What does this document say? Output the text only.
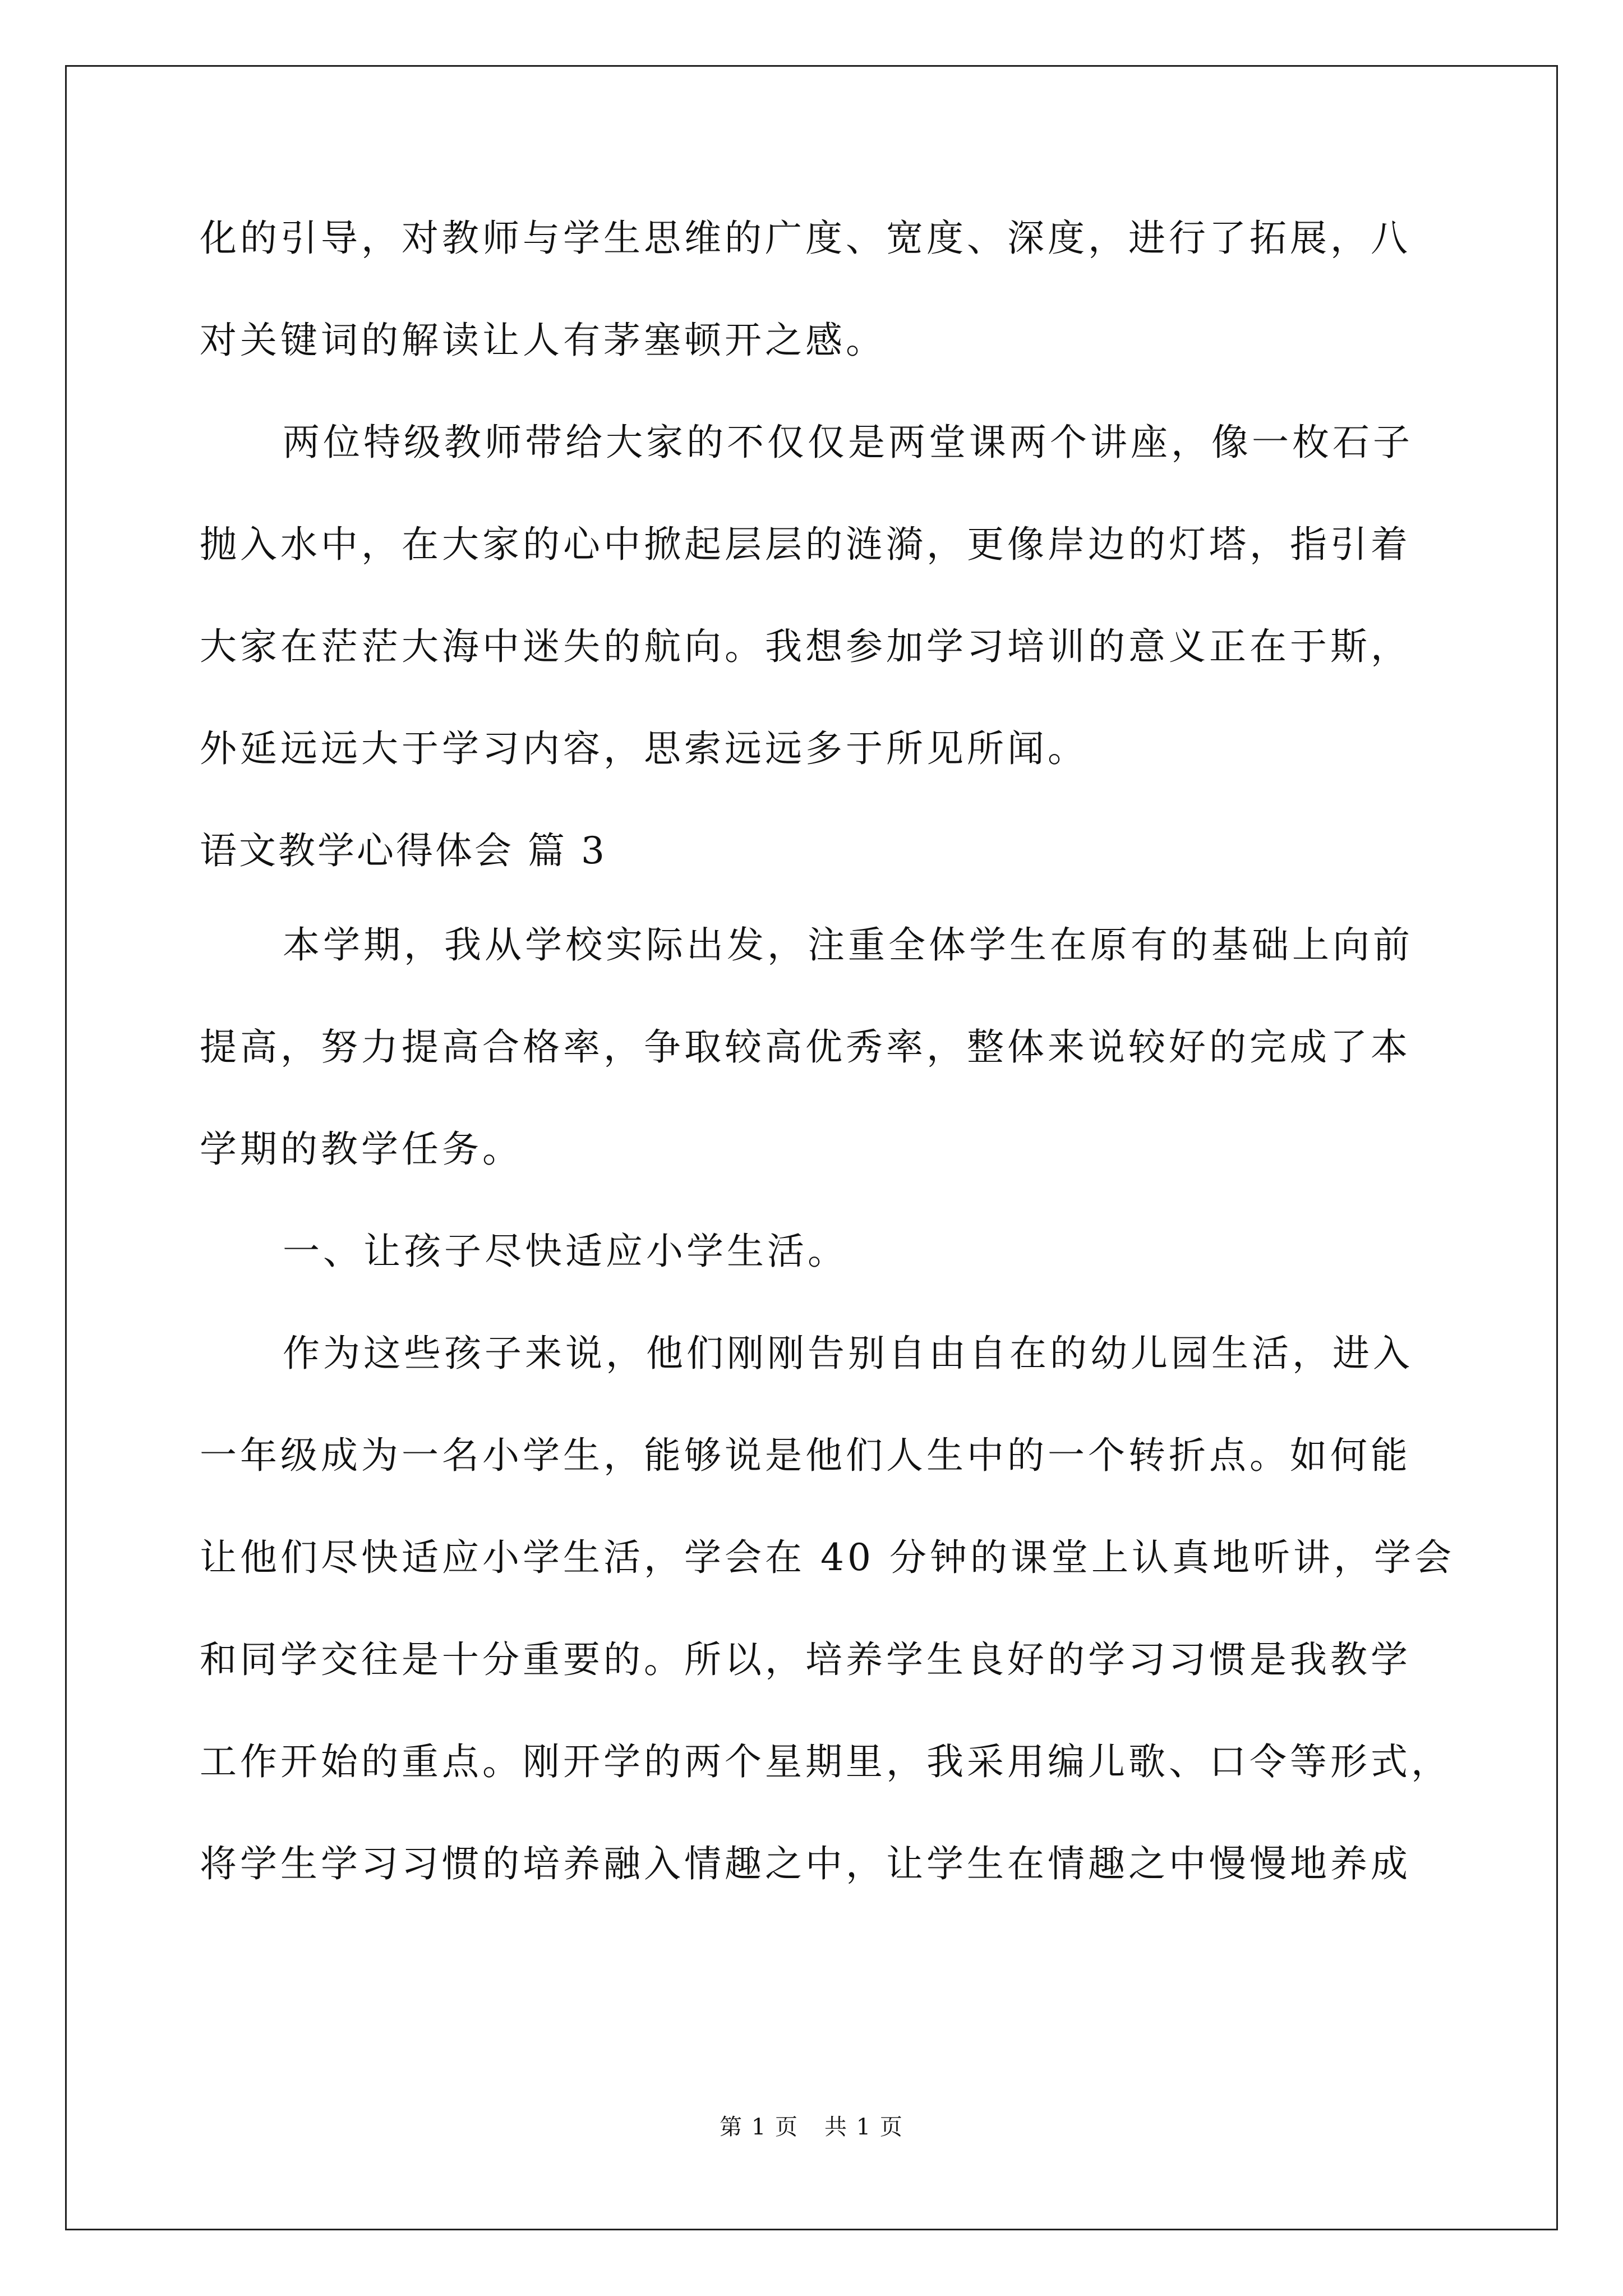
化的引导，对教师与学生思维的广度、宽度、深度，进行了拓展，八
对关键词的解读让人有茅塞顿开之感。
两位特级教师带给大家的不仅仅是两堂课两个讲座，像一枚石子
抛入水中，在大家的心中掀起层层的涟漪，更像岸边的灯塔，指引着
大家在茫茫大海中迷失的航向。我想参加学习培训的意义正在于斯，
外延远远大于学习内容，思索远远多于所见所闻。
语文教学心得体会 篇 3
本学期，我从学校实际出发，注重全体学生在原有的基础上向前
提高，努力提高合格率，争取较高优秀率，整体来说较好的完成了本
学期的教学任务。
一、让孩子尽快适应小学生活。
作为这些孩子来说，他们刚刚告别自由自在的幼儿园生活，进入
一年级成为一名小学生，能够说是他们人生中的一个转折点。如何能
让他们尽快适应小学生活，学会在 40 分钟的课堂上认真地听讲，学会
和同学交往是十分重要的。所以，培养学生良好的学习习惯是我教学
工作开始的重点。刚开学的两个星期里，我采用编儿歌、口令等形式，
将学生学习习惯的培养融入情趣之中，让学生在情趣之中慢慢地养成
第 1 页 共 1 页
